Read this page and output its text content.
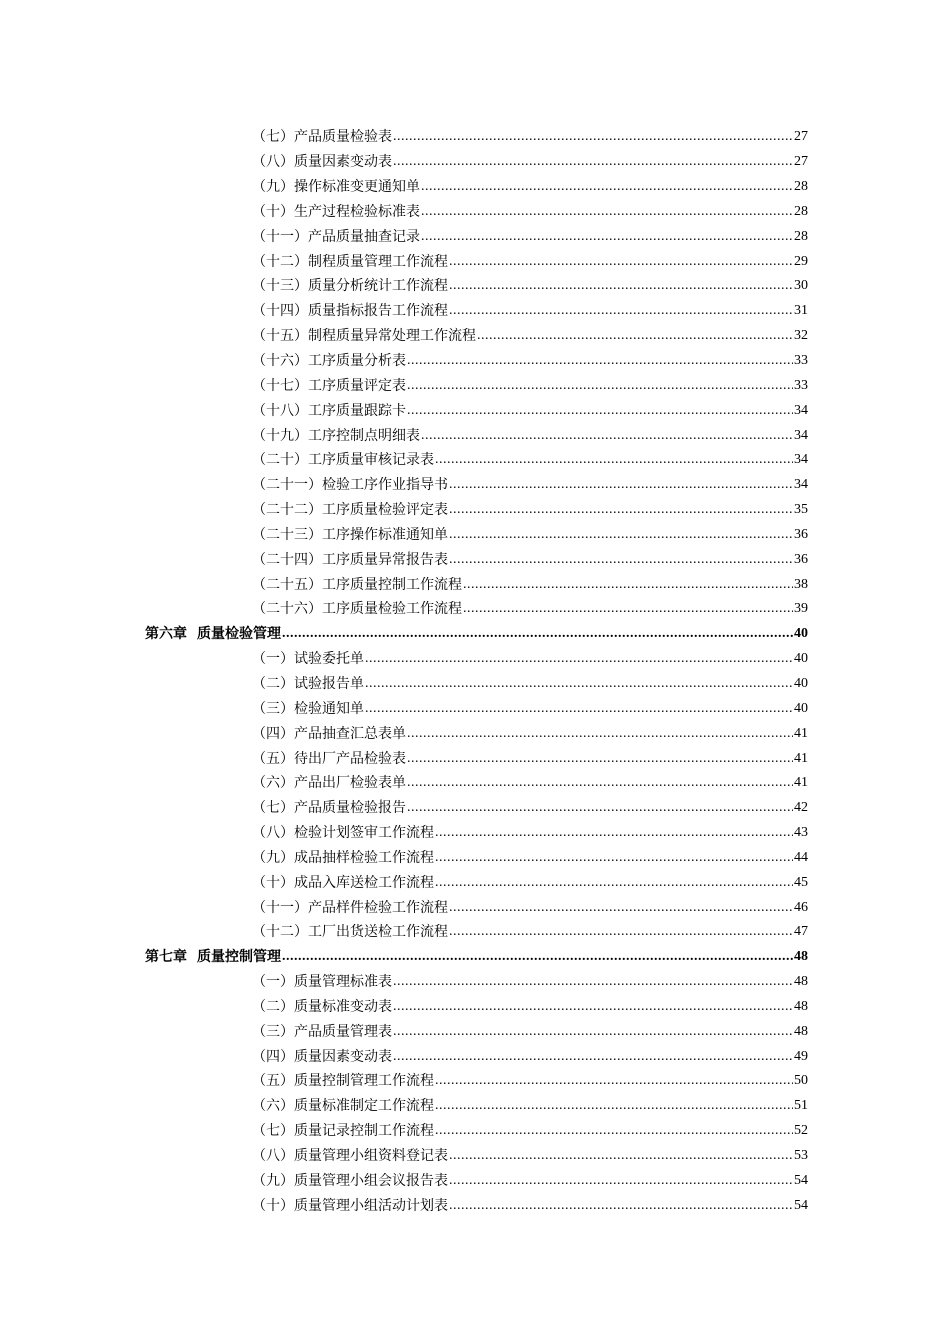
（七）产品质量检验表 .....	27
（八）质量因素变动表 .....	27
（九）操作标准变更通知单 .....	28
（十）生产过程检验标准表 .....	28
（十一）产品质量抽查记录 .....	28
（十二）制程质量管理工作流程 .....	29
（十三）质量分析统计工作流程 .....	30
（十四）质量指标报告工作流程 .....	31
（十五）制程质量异常处理工作流程 .....	32
（十六）工序质量分析表 .....	33
（十七）工序质量评定表 .....	33
（十八）工序质量跟踪卡 .....	34
（十九）工序控制点明细表 .....	34
（二十）工序质量审核记录表 .....	34
（二十一）检验工序作业指导书 .....	34
（二十二）工序质量检验评定表 .....	35
（二十三）工序操作标准通知单 .....	36
（二十四）工序质量异常报告表 .....	36
（二十五）工序质量控制工作流程 .....	38
（二十六）工序质量检验工作流程 .....	39
第六章 质量检验管理 .....	40
（一）试验委托单 .....	40
（二）试验报告单 .....	40
（三）检验通知单 .....	40
（四）产品抽查汇总表单 .....	41
（五）待出厂产品检验表 .....	41
（六）产品出厂检验表单 .....	41
（七）产品质量检验报告 .....	42
（八）检验计划签审工作流程 .....	43
（九）成品抽样检验工作流程 .....	44
（十）成品入库送检工作流程 .....	45
（十一）产品样件检验工作流程 .....	46
（十二）工厂出货送检工作流程 .....	47
第七章 质量控制管理 .....	48
（一）质量管理标准表 .....	48
（二）质量标准变动表 .....	48
（三）产品质量管理表 .....	48
（四）质量因素变动表 .....	49
（五）质量控制管理工作流程 .....	50
（六）质量标准制定工作流程 .....	51
（七）质量记录控制工作流程 .....	52
（八）质量管理小组资料登记表 .....	53
（九）质量管理小组会议报告表 .....	54
（十）质量管理小组活动计划表 .....	54
